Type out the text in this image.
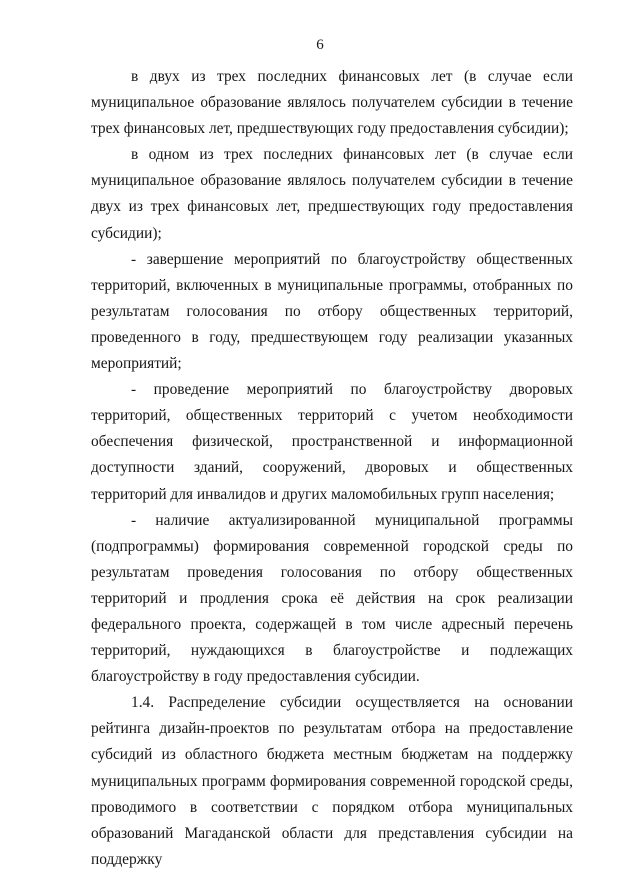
6

в двух из трех последних финансовых лет (в случае если муниципальное образование являлось получателем субсидии в течение трех финансовых лет, предшествующих году предоставления субсидии);

в одном из трех последних финансовых лет (в случае если муниципальное образование являлось получателем субсидии в течение двух из трех финансовых лет, предшествующих году предоставления субсидии);

- завершение мероприятий по благоустройству общественных территорий, включенных в муниципальные программы, отобранных по результатам голосования по отбору общественных территорий, проведенного в году, предшествующем году реализации указанных мероприятий;

- проведение мероприятий по благоустройству дворовых территорий, общественных территорий с учетом необходимости обеспечения физической, пространственной и информационной доступности зданий, сооружений, дворовых и общественных территорий для инвалидов и других маломобильных групп населения;

- наличие актуализированной муниципальной программы (подпрограммы) формирования современной городской среды по результатам проведения голосования по отбору общественных территорий и продления срока её действия на срок реализации федерального проекта, содержащей в том числе адресный перечень территорий, нуждающихся в благоустройстве и подлежащих благоустройству в году предоставления субсидии.

1.4. Распределение субсидии осуществляется на основании рейтинга дизайн-проектов по результатам отбора на предоставление субсидий из областного бюджета местным бюджетам на поддержку муниципальных программ формирования современной городской среды, проводимого в соответствии с порядком отбора муниципальных образований Магаданской области для представления субсидии на поддержку
